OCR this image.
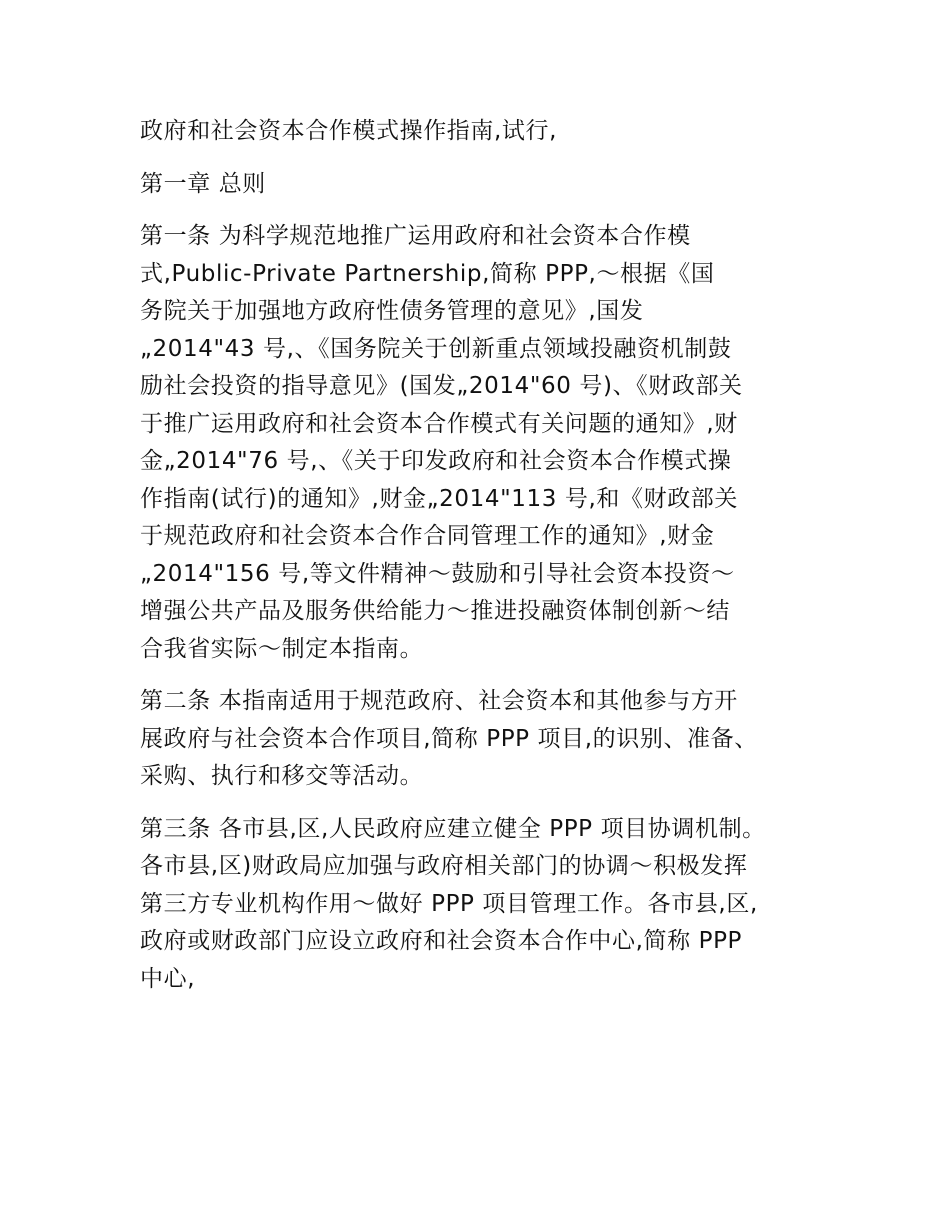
政府和社会资本合作模式操作指南,试行,

第一章 总则

第一条 为科学规范地推广运用政府和社会资本合作模
式,Public-Private Partnership,简称 PPP,～根据《国
务院关于加强地方政府性债务管理的意见》,国发
„2014"43 号,、《国务院关于创新重点领域投融资机制鼓
励社会投资的指导意见》(国发„2014"60 号)、《财政部关
于推广运用政府和社会资本合作模式有关问题的通知》,财
金„2014"76 号,、《关于印发政府和社会资本合作模式操
作指南(试行)的通知》,财金„2014"113 号,和《财政部关
于规范政府和社会资本合作合同管理工作的通知》,财金
„2014"156 号,等文件精神～鼓励和引导社会资本投资～
增强公共产品及服务供给能力～推进投融资体制创新～结
合我省实际～制定本指南。

第二条 本指南适用于规范政府、社会资本和其他参与方开
展政府与社会资本合作项目,简称 PPP 项目,的识别、准备、
采购、执行和移交等活动。

第三条 各市县,区,人民政府应建立健全 PPP 项目协调机制。
各市县,区)财政局应加强与政府相关部门的协调～积极发挥
第三方专业机构作用～做好 PPP 项目管理工作。各市县,区,
政府或财政部门应设立政府和社会资本合作中心,简称 PPP
中心,
